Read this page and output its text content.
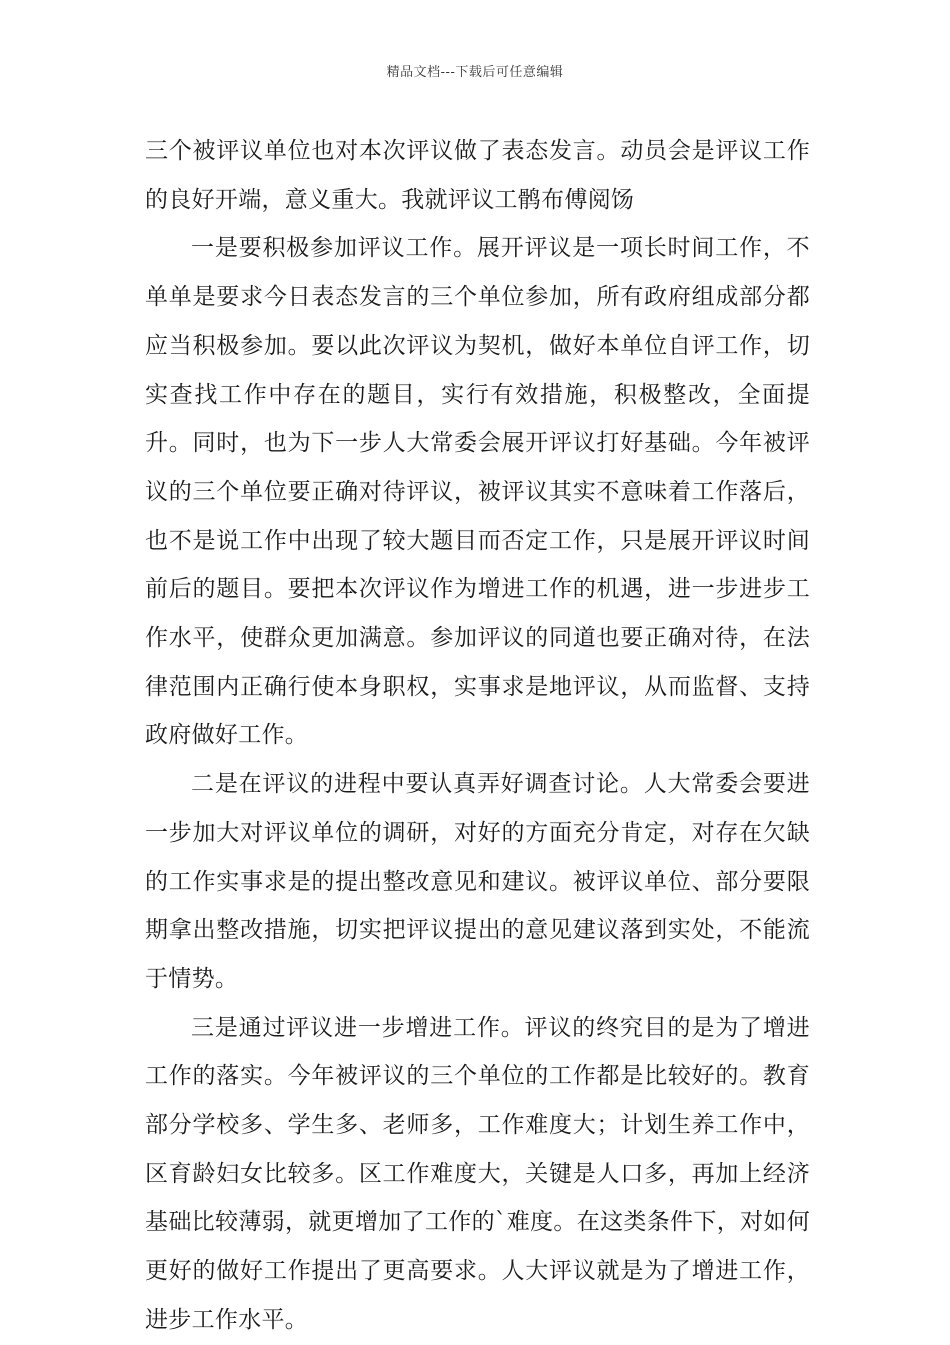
精品文档---下载后可任意编辑

三个被评议单位也对本次评议做了表态发言。动员会是评议工作的良好开端，意义重大。我就评议工鹘布傅阅饧

一是要积极参加评议工作。展开评议是一项长时间工作，不单单是要求今日表态发言的三个单位参加，所有政府组成部分都应当积极参加。要以此次评议为契机，做好本单位自评工作，切实查找工作中存在的题目，实行有效措施，积极整改，全面提升。同时，也为下一步人大常委会展开评议打好基础。今年被评议的三个单位要正确对待评议，被评议其实不意味着工作落后，也不是说工作中出现了较大题目而否定工作，只是展开评议时间前后的题目。要把本次评议作为增进工作的机遇，进一步进步工作水平，使群众更加满意。参加评议的同道也要正确对待，在法律范围内正确行使本身职权，实事求是地评议，从而监督、支持政府做好工作。

二是在评议的进程中要认真弄好调查讨论。人大常委会要进一步加大对评议单位的调研，对好的方面充分肯定，对存在欠缺的工作实事求是的提出整改意见和建议。被评议单位、部分要限期拿出整改措施，切实把评议提出的意见建议落到实处，不能流于情势。

三是通过评议进一步增进工作。评议的终究目的是为了增进工作的落实。今年被评议的三个单位的工作都是比较好的。教育部分学校多、学生多、老师多，工作难度大；计划生养工作中，区育龄妇女比较多。区工作难度大，关键是人口多，再加上经济基础比较薄弱，就更增加了工作的`难度。在这类条件下，对如何更好的做好工作提出了更高要求。人大评议就是为了增进工作，进步工作水平。
